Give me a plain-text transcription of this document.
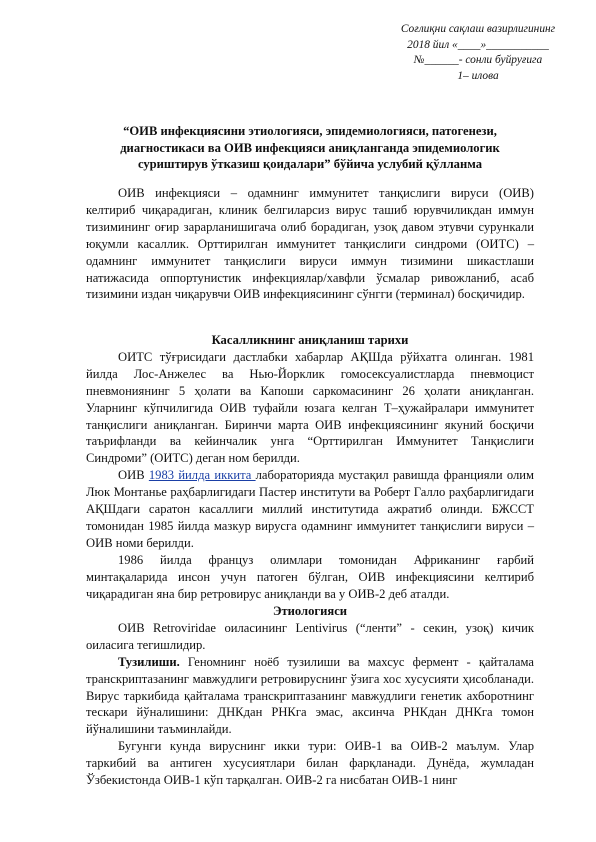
Соғлиқни сақлаш вазирлигининг
2018 йил «____»___________
№______- сонли буйруғига
1– илова
“ОИВ инфекциясини этиологияси, эпидемиологияси, патогенези, диагностикаси ва ОИВ инфекцияси аниқланганда эпидемиологик суриштирув ўтказиш қоидалари” бўйича услубий қўлланма

ОИВ инфекцияси – одамнинг иммунитет танқислиги вируси (ОИВ) келтириб чиқарадиган, клиник белгиларсиз вирус ташиб юрувчиликдан иммун тизимининг оғир зарарланишигача олиб борадиган, узоқ давом этувчи сурункали юқумли касаллик. Орттирилган иммунитет танқислиги синдроми (ОИТС) – одамнинг иммунитет танқислиги вируси иммун тизимини шикастлаши натижасида оппортунистик инфекциялар/хавфли ўсмалар ривожланиб, асаб тизимини издан чиқарувчи ОИВ инфекциясининг сўнгги (терминал) босқичидир.

Касалликнинг аниқланиш тарихи

ОИТС тўғрисидаги дастлабки хабарлар АҚШда рўйхатга олинган. 1981 йилда Лос-Анжелес ва Нью-Йорклик гомосексуалистларда пневмоцист пневмониянинг 5 ҳолати ва Капоши саркомасининг 26 ҳолати аниқланган. Уларнинг кўпчилигида ОИВ туфайли юзага келган Т–ҳужайралари иммунитет танқислиги аниқланган. Биринчи марта ОИВ инфекциясининг якуний босқичи таърифланди ва кейинчалик унга “Орттирилган Иммунитет Танқислиги Синдроми” (ОИТС) деган ном берилди.

ОИВ 1983 йилда иккита лабораторияда мустақил равишда францияли олим Люк Монтанье раҳбарлигидаги Пастер институти ва Роберт Галло раҳбарлигидаги АҚШдаги саратон касаллиги миллий институтида ажратиб олинди. БЖССТ томонидан 1985 йилда мазкур вирусга одамнинг иммунитет танқислиги вируси – ОИВ номи берилди.

1986 йилда француз олимлари томонидан Африканинг ғарбий минтақаларида инсон учун патоген бўлган, ОИВ инфекциясини келтириб чиқарадиган яна бир ретровирус аниқланди ва у ОИВ-2 деб аталди.

Этиологияси

ОИВ Retroviridae оиласининг Lentivirus (“ленти” - секин, узоқ) кичик оиласига тегишлидир.

Тузилиши. Геномнинг ноёб тузилиши ва махсус фермент - қайталама транскриптазанинг мавжудлиги ретровируснинг ўзига хос хусусияти ҳисобланади. Вирус таркибида қайталама транскриптазанинг мавжудлиги генетик ахборотнинг тескари йўналишини: ДНКдан РНКга эмас, аксинча РНКдан ДНКга томон йўналишини таъминлайди.

Бугунги кунда вируснинг икки тури: ОИВ-1 ва ОИВ-2 маълум. Улар таркибий ва антиген хусусиятлари билан фарқланади. Дунёда, жумладан Ўзбекистонда ОИВ-1 кўп тарқалган. ОИВ-2 га нисбатан ОИВ-1 нинг
